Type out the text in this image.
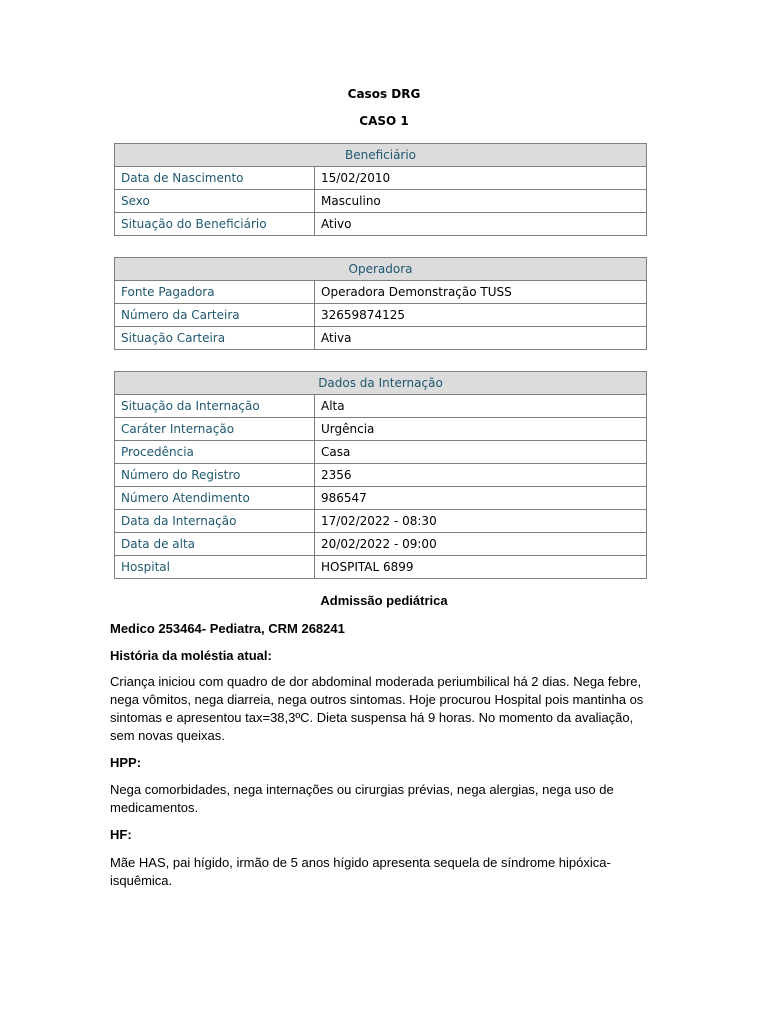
Casos DRG
CASO 1
Beneficiário	
Data de Nascimento	15/02/2010
Sexo	Masculino
Situação do Beneficiário	Ativo
Operadora	
Fonte Pagadora	Operadora Demonstração TUSS
Número da Carteira	32659874125
Situação Carteira	Ativa
Dados da Internação	
Situação da Internação	Alta
Caráter Internação	Urgência
Procedência	Casa
Número do Registro	2356
Número Atendimento	986547
Data da Internação	17/02/2022 - 08:30
Data de alta	20/02/2022 - 09:00
Hospital	HOSPITAL 6899
Admissão pediátrica
Medico 253464- Pediatra, CRM 268241
História da moléstia atual:
Criança iniciou com quadro de dor abdominal moderada periumbilical há 2 dias. Nega febre, nega vômitos, nega diarreia, nega outros sintomas. Hoje procurou Hospital pois mantinha os sintomas e apresentou tax=38,3ºC. Dieta suspensa há 9 horas. No momento da avaliação, sem novas queixas.
HPP:
Nega comorbidades, nega internações ou cirurgias prévias, nega alergias, nega uso de medicamentos.
HF:
Mãe HAS, pai hígido, irmão de 5 anos hígido apresenta sequela de síndrome hipóxica-isquêmica.
